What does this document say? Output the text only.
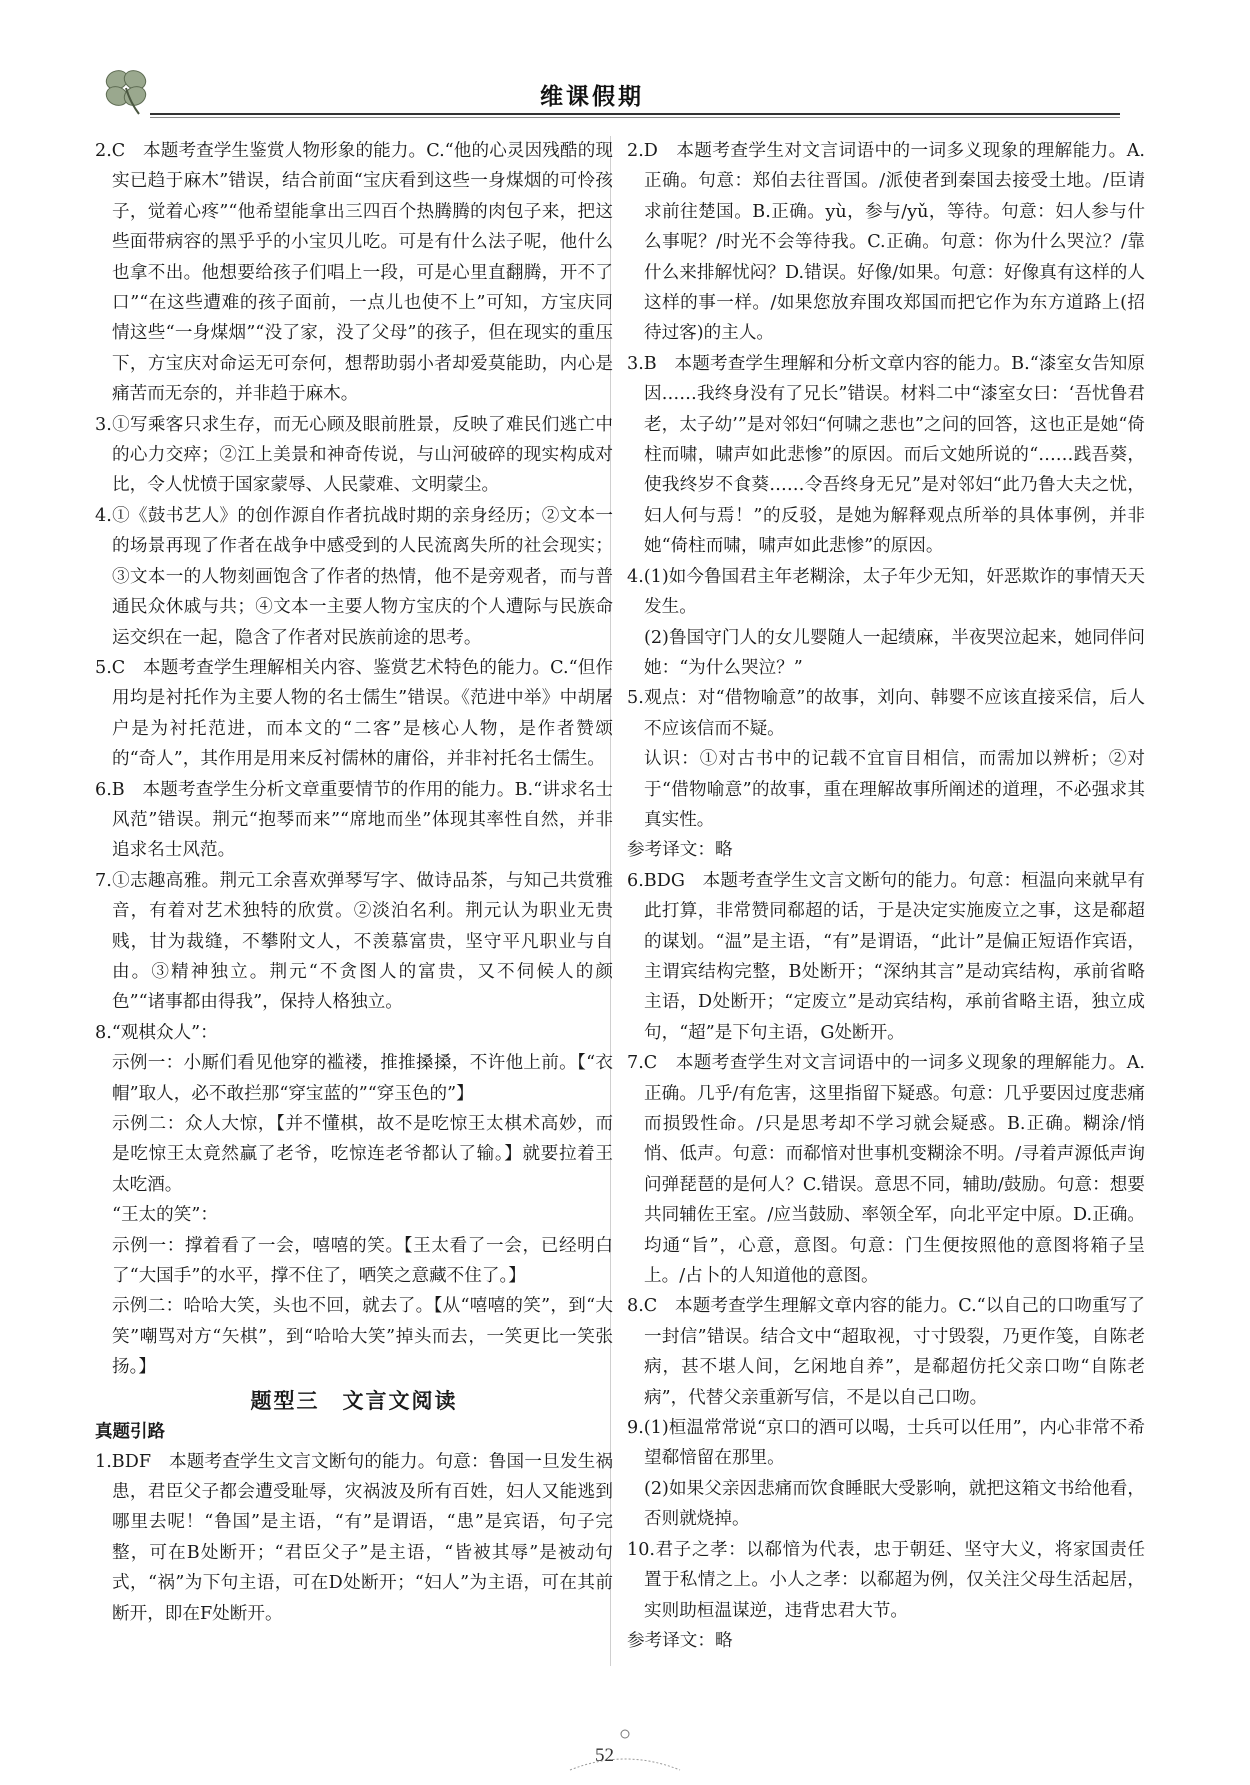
维课假期

2.C　本题考查学生鉴赏人物形象的能力。C.“他的心灵因残酷的现实已趋于麻木”错误，结合前面“宝庆看到这些一身煤烟的可怜孩子，觉着心疼”“他希望能拿出三四百个热腾腾的肉包子来，把这些面带病容的黑乎乎的小宝贝儿吃。可是有什么法子呢，他什么也拿不出。他想要给孩子们唱上一段，可是心里直翻腾，开不了口”“在这些遭难的孩子面前，一点儿也使不上”可知，方宝庆同情这些“一身煤烟”“没了家，没了父母”的孩子，但在现实的重压下，方宝庆对命运无可奈何，想帮助弱小者却爱莫能助，内心是痛苦而无奈的，并非趋于麻木。

3.①写乘客只求生存，而无心顾及眼前胜景，反映了难民们逃亡中的心力交瘁；②江上美景和神奇传说，与山河破碎的现实构成对比，令人忧愤于国家蒙辱、人民蒙难、文明蒙尘。

4.①《鼓书艺人》的创作源自作者抗战时期的亲身经历；②文本一的场景再现了作者在战争中感受到的人民流离失所的社会现实；③文本一的人物刻画饱含了作者的热情，他不是旁观者，而与普通民众休戚与共；④文本一主要人物方宝庆的个人遭际与民族命运交织在一起，隐含了作者对民族前途的思考。

5.C　本题考查学生理解相关内容、鉴赏艺术特色的能力。C.“但作用均是衬托作为主要人物的名士儒生”错误。《范进中举》中胡屠户是为衬托范进，而本文的“二客”是核心人物，是作者赞颂的“奇人”，其作用是用来反衬儒林的庸俗，并非衬托名士儒生。

6.B　本题考查学生分析文章重要情节的作用的能力。B.“讲求名士风范”错误。荆元“抱琴而来”“席地而坐”体现其率性自然，并非追求名士风范。

7.①志趣高雅。荆元工余喜欢弹琴写字、做诗品茶，与知己共赏雅音，有着对艺术独特的欣赏。②淡泊名利。荆元认为职业无贵贱，甘为裁缝，不攀附文人，不羡慕富贵，坚守平凡职业与自由。③精神独立。荆元“不贪图人的富贵，又不伺候人的颜色”“诸事都由得我”，保持人格独立。

8.“观棋众人”：

示例一：小厮们看见他穿的褴褛，推推搡搡，不许他上前。【“衣帽”取人，必不敢拦那“穿宝蓝的”“穿玉色的”】

示例二：众人大惊，【并不懂棋，故不是吃惊王太棋术高妙，而是吃惊王太竟然赢了老爷，吃惊连老爷都认了输。】就要拉着王太吃酒。

“王太的笑”：

示例一：撑着看了一会，嘻嘻的笑。【王太看了一会，已经明白了“大国手”的水平，撑不住了，哂笑之意藏不住了。】

示例二：哈哈大笑，头也不回，就去了。【从“嘻嘻的笑”，到“大笑”嘲骂对方“矢棋”，到“哈哈大笑”掉头而去，一笑更比一笑张扬。】

题型三　文言文阅读

真题引路

1.BDF　本题考查学生文言文断句的能力。句意：鲁国一旦发生祸患，君臣父子都会遭受耻辱，灾祸波及所有百姓，妇人又能逃到哪里去呢！“鲁国”是主语，“有”是谓语，“患”是宾语，句子完整，可在B处断开；“君臣父子”是主语，“皆被其辱”是被动句式，“祸”为下句主语，可在D处断开；“妇人”为主语，可在其前断开，即在F处断开。

2.D　本题考查学生对文言词语中的一词多义现象的理解能力。A.正确。句意：郑伯去往晋国。/派使者到秦国去接受土地。/臣请求前往楚国。B.正确。yù，参与/yǔ，等待。句意：妇人参与什么事呢？/时光不会等待我。C.正确。句意：你为什么哭泣？/靠什么来排解忧闷？D.错误。好像/如果。句意：好像真有这样的人这样的事一样。/如果您放弃围攻郑国而把它作为东方道路上(招待过客)的主人。

3.B　本题考查学生理解和分析文章内容的能力。B.“漆室女告知原因……我终身没有了兄长”错误。材料二中“漆室女曰：‘吾忧鲁君老，太子幼’”是对邻妇“何啸之悲也”之问的回答，这也正是她“倚柱而啸，啸声如此悲惨”的原因。而后文她所说的“……践吾葵，使我终岁不食葵……令吾终身无兄”是对邻妇“此乃鲁大夫之忧，妇人何与焉！”的反驳，是她为解释观点所举的具体事例，并非她“倚柱而啸，啸声如此悲惨”的原因。

4.(1)如今鲁国君主年老糊涂，太子年少无知，奸恶欺诈的事情天天发生。

(2)鲁国守门人的女儿婴随人一起绩麻，半夜哭泣起来，她同伴问她：“为什么哭泣？”

5.观点：对“借物喻意”的故事，刘向、韩婴不应该直接采信，后人不应该信而不疑。

认识：①对古书中的记载不宜盲目相信，而需加以辨析；②对于“借物喻意”的故事，重在理解故事所阐述的道理，不必强求其真实性。

参考译文：略

6.BDG　本题考查学生文言文断句的能力。句意：桓温向来就早有此打算，非常赞同郗超的话，于是决定实施废立之事，这是郗超的谋划。“温”是主语，“有”是谓语，“此计”是偏正短语作宾语，主谓宾结构完整，B处断开；“深纳其言”是动宾结构，承前省略主语，D处断开；“定废立”是动宾结构，承前省略主语，独立成句，“超”是下句主语，G处断开。

7.C　本题考查学生对文言词语中的一词多义现象的理解能力。A.正确。几乎/有危害，这里指留下疑惑。句意：几乎要因过度悲痛而损毁性命。/只是思考却不学习就会疑惑。B.正确。糊涂/悄悄、低声。句意：而郗愔对世事机变糊涂不明。/寻着声源低声询问弹琵琶的是何人？C.错误。意思不同，辅助/鼓励。句意：想要共同辅佐王室。/应当鼓励、率领全军，向北平定中原。D.正确。均通“旨”，心意，意图。句意：门生便按照他的意图将箱子呈上。/占卜的人知道他的意图。

8.C　本题考查学生理解文章内容的能力。C.“以自己的口吻重写了一封信”错误。结合文中“超取视，寸寸毁裂，乃更作笺，自陈老病，甚不堪人间，乞闲地自养”，是郗超仿托父亲口吻“自陈老病”，代替父亲重新写信，不是以自己口吻。

9.(1)桓温常常说“京口的酒可以喝，士兵可以任用”，内心非常不希望郗愔留在那里。

(2)如果父亲因悲痛而饮食睡眠大受影响，就把这箱文书给他看，否则就烧掉。

10.君子之孝：以郗愔为代表，忠于朝廷、坚守大义，将家国责任置于私情之上。小人之孝：以郗超为例，仅关注父母生活起居，实则助桓温谋逆，违背忠君大节。

参考译文：略

52
